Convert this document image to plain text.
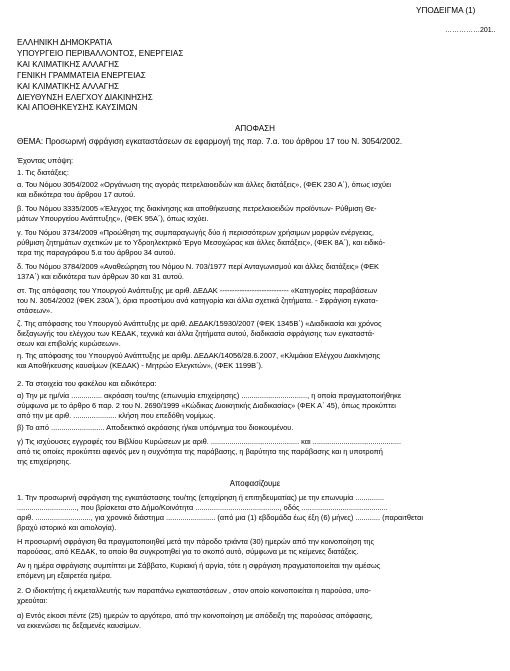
ΥΠΟΔΕΙΓΜΑ (1)
……………201..
ΕΛΛΗΝΙΚΗ ΔΗΜΟΚΡΑΤΙΑ
ΥΠΟΥΡΓΕΙΟ ΠΕΡΙΒΑΛΛΟΝΤΟΣ, ΕΝΕΡΓΕΙΑΣ
ΚΑΙ ΚΛΙΜΑΤΙΚΗΣ ΑΛΛΑΓΗΣ
ΓΕΝΙΚΗ ΓΡΑΜΜΑΤΕΙΑ ΕΝΕΡΓΕΙΑΣ
ΚΑΙ ΚΛΙΜΑΤΙΚΗΣ ΑΛΛΑΓΗΣ
ΔΙΕΥΘΥΝΣΗ ΕΛΕΓΧΟΥ ΔΙΑΚΙΝΗΣΗΣ
ΚΑΙ ΑΠΟΘΗΚΕΥΣΗΣ ΚΑΥΣΙΜΩΝ
ΑΠΟΦΑΣΗ
ΘΕΜΑ: Προσωρινή σφράγιση εγκαταστάσεων σε εφαρμογή της παρ. 7.α. του άρθρου 17 του Ν. 3054/2002.
Έχοντας υπόψη:
1. Τις διατάξεις:
α. Του Νόμου 3054/2002 «Οργάνωση της αγοράς πετρελαιοειδών και άλλες διατάξεις», (ΦΕΚ 230 Α΄), όπως ισχύει
και ειδικότερα του άρθρου 17 αυτού.
β. Του Νόμου 3335/2005 «Έλεγχος της διακίνησης και αποθήκευσης πετρελαιοειδών προϊόντων- Ρύθμιση Θε-
μάτων Υπουργείου Ανάπτυξης», (ΦΕΚ 95Α΄), όπως ισχύει.
γ. Του Νόμου 3734/2009 «Προώθηση της συμπαραγωγής δύο ή περισσότερων χρήσιμων μορφών ενέργειας,
ρύθμιση ζητημάτων σχετικών με το Υδροηλεκτρικό Έργο Μεσοχώρας και άλλες διατάξεις», (ΦΕΚ 8Α΄), και ειδικό-
τερα της παραγράφου 5.α του άρθρου 34 αυτού.
δ. Του Νόμου 3784/2009 «Αναθεώρηση του Νόμου Ν. 703/1977 περί Ανταγωνισμού και άλλες διατάξεις» (ΦΕΚ
137Α΄) και ειδικότερα των άρθρων 30 και 31 αυτού.
στ. Της απόφασης του Υπουργού Ανάπτυξης με αριθ. ΔΕΔΑΚ ---------------------------- «Κατηγορίες παραβάσεων
του Ν. 3054/2002 (ΦΕΚ 230Α΄), όρια προστίμου ανά κατηγορία και άλλα σχετικά ζητήματα. - Σφράγιση εγκατα-
στάσεων».
ζ. Της απόφασης του Υπουργού Ανάπτυξης με αριθ. ΔΕΔΑΚ/15930/2007 (ΦΕΚ 1345Β΄) «Διαδικασία και χρόνος
διεξαγωγής του ελέγχου των ΚΕΔΑΚ, τεχνικά και άλλα ζητήματα αυτού, διαδικασία σφράγισης των εγκαταστά-
σεων και επιβολής κυρώσεων».
η. Της απόφασης του Υπουργού Ανάπτυξης με αριθμ. ΔΕΔΑΚ/14056/28.6.2007, «Κλιμάκια Ελέγχου Διακίνησης
και Αποθήκευσης καυσίμων (ΚΕΔΑΚ) - Μητρώο Ελεγκτών», (ΦΕΚ 1199Β΄).
2. Τα στοιχεία του φακέλου και ειδικότερα:
α) Την με ημ/νία ............... ακρόαση του/της (επωνυμία επιχείρησης) ................................, η οποία πραγματοποιήθηκε
σύμφωνα με το άρθρο 6 παρ. 2 του Ν. 2690/1999 «Κώδικας Διοικητικής Διαδικασίας» (ΦΕΚ Α΄ 45), όπως προκύπτει
από την με αριθ. ..................... κλήση που επεδόθη νομίμως.
β) Το από .......................... Αποδεικτικό ακρόασης ή/και υπόμνημα του διοικουμένου.
γ) Τις ισχύουσες εγγραφές του Βιβλίου Κυρώσεων με αριθ. ........................................... και ...........................................
από τις οποίες προκύπτει αφενός μεν η συχνότητα της παράβασης, η βαρύτητα της παράβασης και η υποτροπή
της επιχείρησης.
Αποφασίζουμε
1. Την προσωρινή σφράγιση της εγκατάστασης του/της (επιχείρηση ή επιτηδευματίας) με την επωνυμία ..............
............................., που βρίσκεται στο Δήμο/Κοινότητα ........................................., οδός ..........................................
αριθ. ..........................., για χρονικό διάστημα ........................ (από μια (1) εβδομάδα έως έξη (6) μήνες) ............ (παραιτθεται
βραχύ ιστορικό και αιτιολογία).
Η προσωρινή σφράγιση θα πραγματοποιηθεί μετά την πάροδο τριάντα (30) ημερών από την κοινοποίηση της
παρούσας, από ΚΕΔΑΚ, το οποίο θα συγκροτηθεί για το σκοπό αυτό, σύμφωνα με τις κείμενες διατάξεις.
Αν η ημέρα σφράγισης συμπίπτει με Σάββατο, Κυριακή ή αργία, τότε η σφράγιση πραγματοποιείται την αμέσως
επόμενη μη εξαιρετέα ημέρα.
2. Ο ιδιοκτήτης ή εκμεταλλευτής των παραπάνω εγκαταστάσεων , στον οποίο κοινοποιείται η παρούσα, υπο-
χρεούται:
α) Εντός είκοσι πέντε (25) ημερών το αργότερο, από την κοινοποίηση με απόδειξη της παρούσας απόφασης,
να εκκενώσει τις δεξαμενές καυσίμων.
